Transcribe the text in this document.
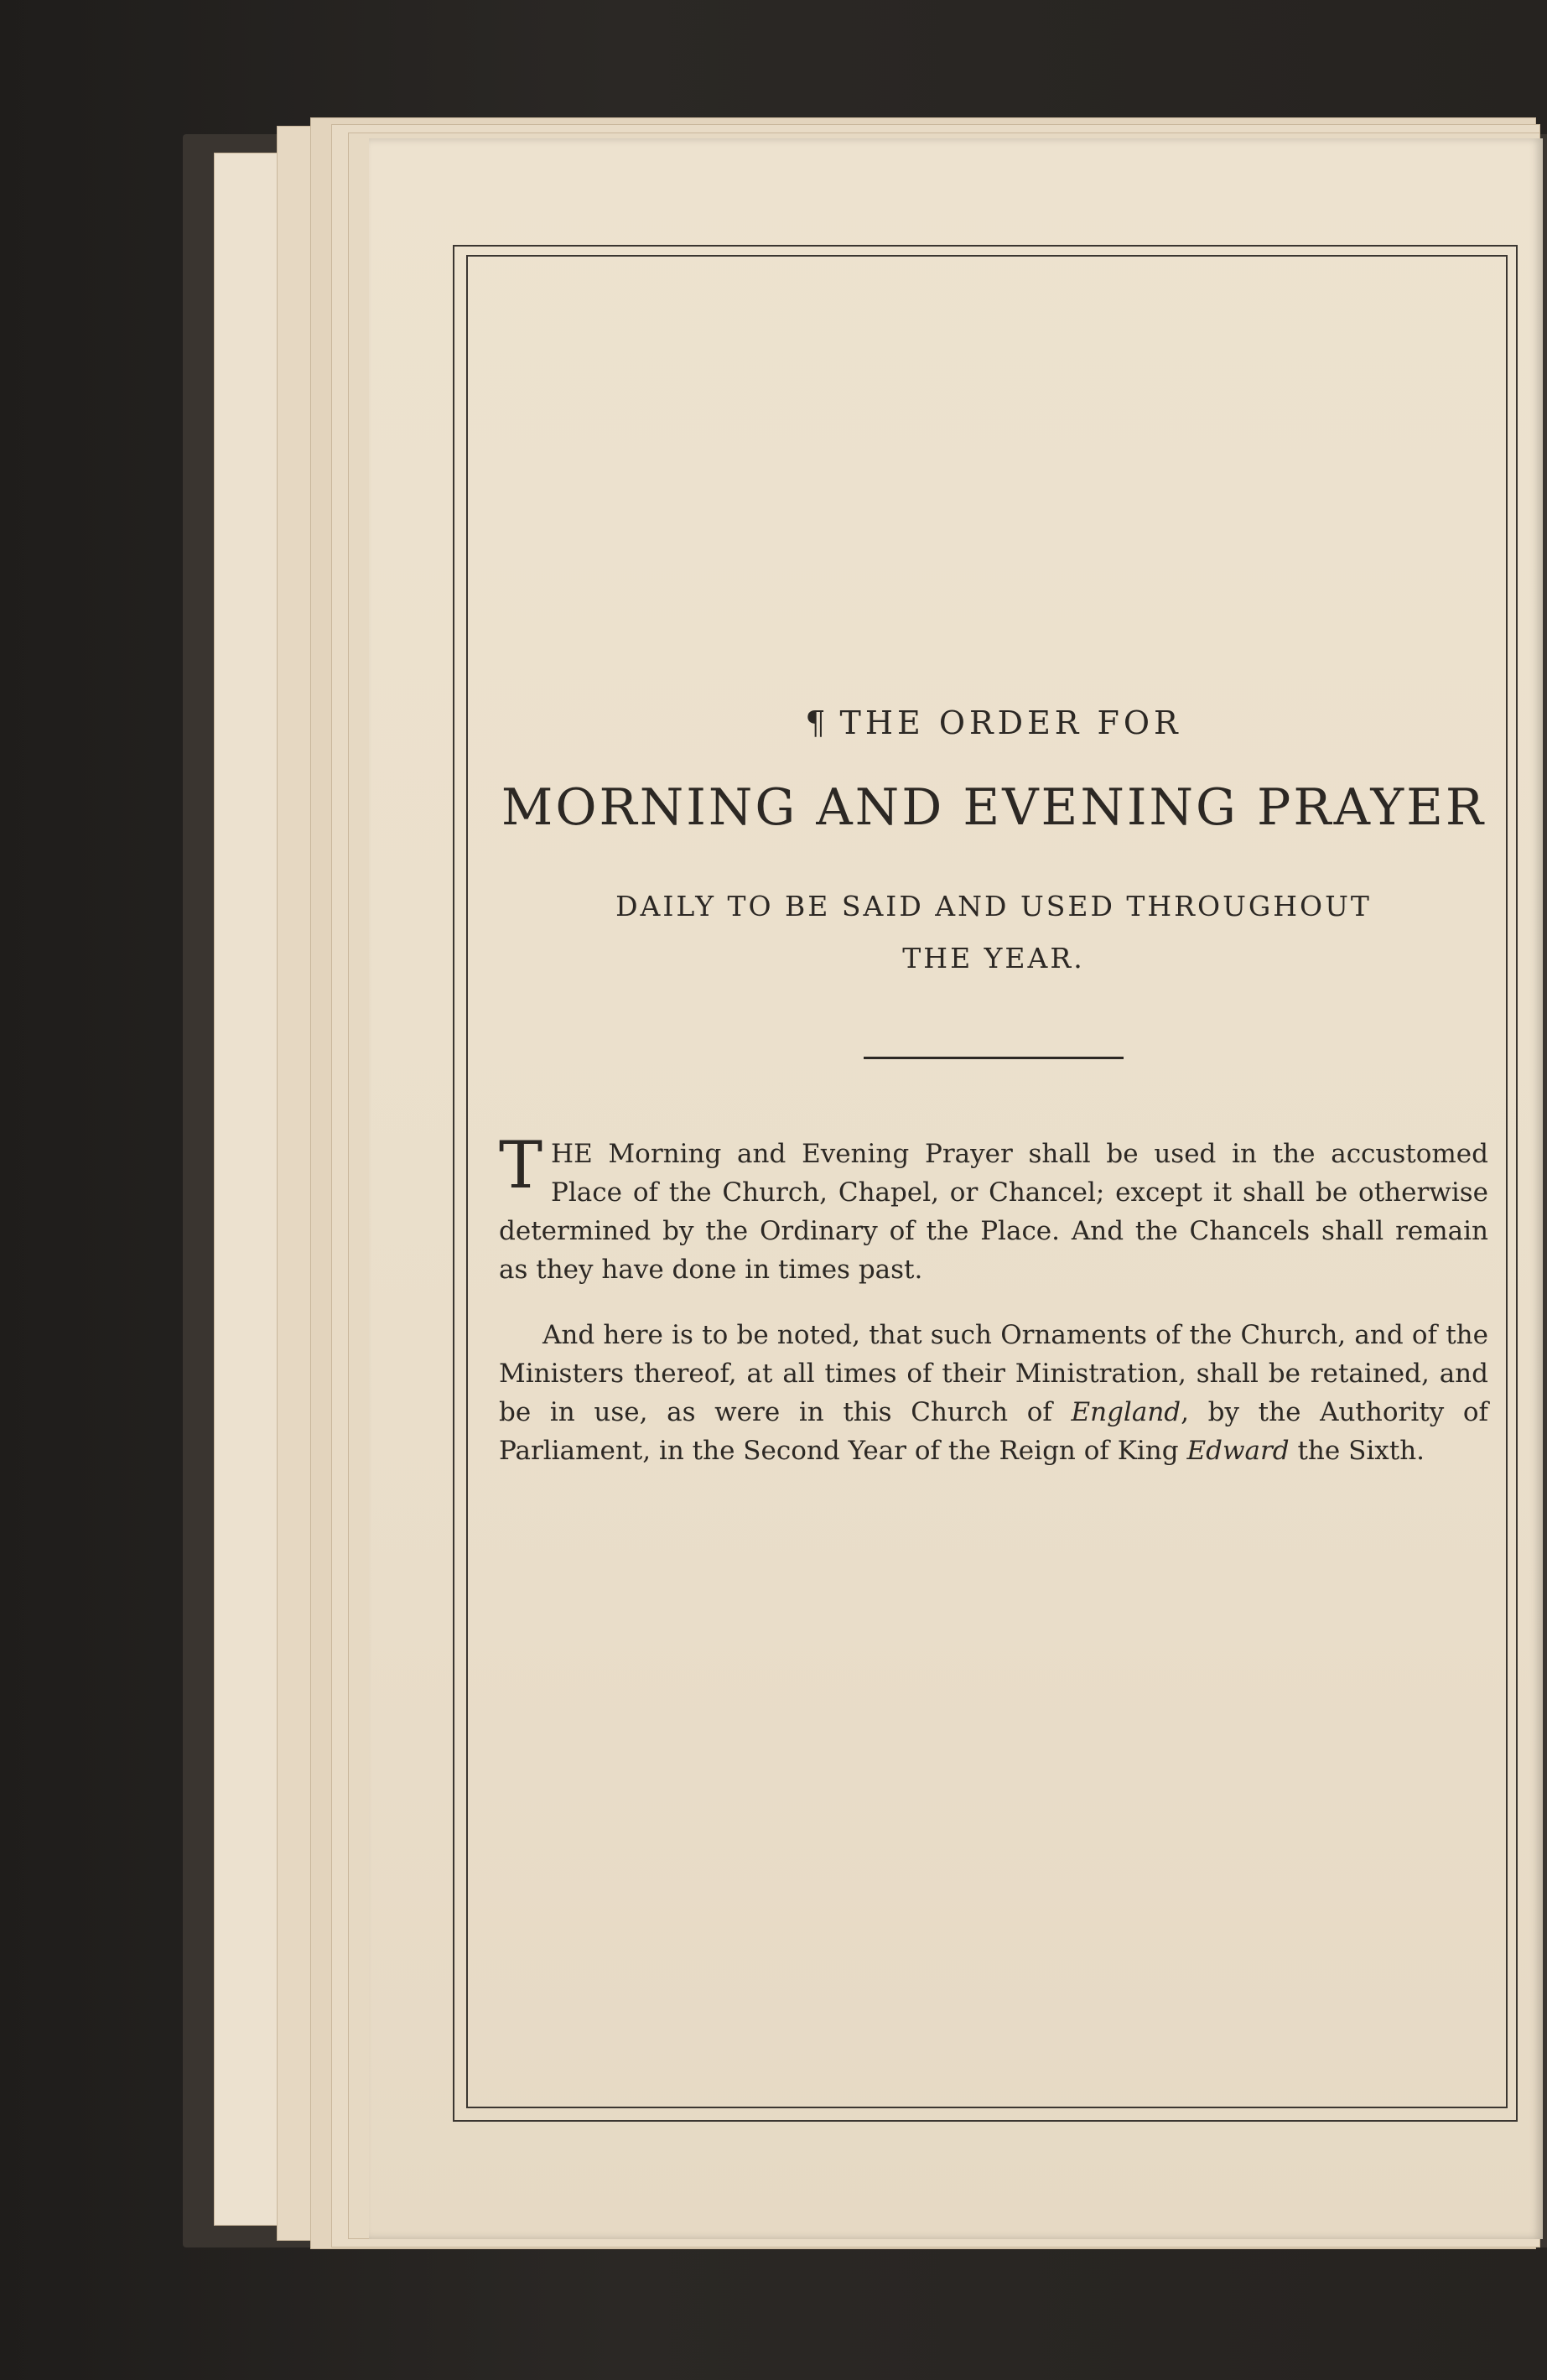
¶ THE ORDER FOR

MORNING AND EVENING PRAYER

DAILY TO BE SAID AND USED THROUGHOUT

THE YEAR.

THE Morning and Evening Prayer shall be used in the accustomed Place of the Church, Chapel, or Chancel; except it shall be otherwise determined by the Ordinary of the Place. And the Chancels shall remain as they have done in times past.

And here is to be noted, that such Ornaments of the Church, and of the Ministers thereof, at all times of their Ministration, shall be retained, and be in use, as were in this Church of England, by the Authority of Parliament, in the Second Year of the Reign of King Edward the Sixth.
